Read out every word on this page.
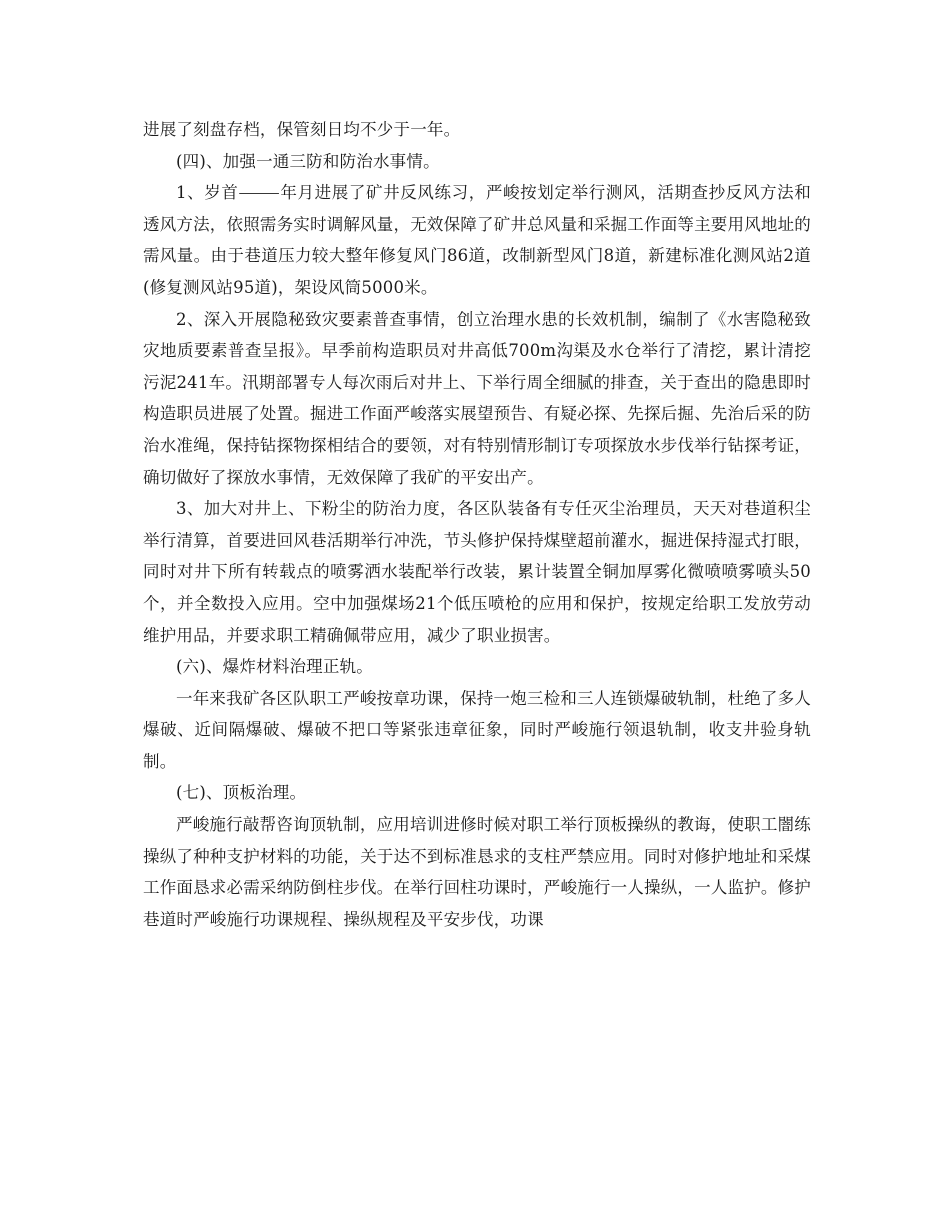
进展了刻盘存档，保管刻日均不少于一年。

(四)、加强一通三防和防治水事情。

1、岁首⸻年月进展了矿井反风练习，严峻按划定举行测风，活期查抄反风方法和透风方法，依照需务实时调解风量，无效保障了矿井总风量和采掘工作面等主要用风地址的需风量。由于巷道压力较大整年修复风门86道，改制新型风门8道，新建标准化测风站2道(修复测风站95道)，架设风筒5000米。

2、深入开展隐秘致灾要素普查事情，创立治理水患的长效机制，编制了《水害隐秘致灾地质要素普查呈报》。早季前构造职员对井高低700m沟渠及水仓举行了清挖，累计清挖污泥241车。汛期部署专人每次雨后对井上、下举行周全细腻的排查，关于查出的隐患即时构造职员进展了处置。掘进工作面严峻落实展望预告、有疑必探、先探后掘、先治后采的防治水准绳，保持钻探物探相结合的要领，对有特别情形制订专项探放水步伐举行钻探考证，确切做好了探放水事情，无效保障了我矿的平安出产。

3、加大对井上、下粉尘的防治力度，各区队装备有专任灭尘治理员，天天对巷道积尘举行清算，首要进回风巷活期举行冲洗，节头修护保持煤壁超前灌水，掘进保持湿式打眼，同时对井下所有转载点的喷雾洒水装配举行改装，累计装置全铜加厚雾化微喷喷雾喷头50个，并全数投入应用。空中加强煤场21个低压喷枪的应用和保护，按规定给职工发放劳动维护用品，并要求职工精确佩带应用，减少了职业损害。

(六)、爆炸材料治理正轨。

一年来我矿各区队职工严峻按章功课，保持一炮三检和三人连锁爆破轨制，杜绝了多人爆破、近间隔爆破、爆破不把口等紧张违章征象，同时严峻施行领退轨制，收支井验身轨制。

(七)、顶板治理。

严峻施行敲帮咨询顶轨制，应用培训进修时候对职工举行顶板操纵的教诲，使职工闇练操纵了种种支护材料的功能，关于达不到标准恳求的支柱严禁应用。同时对修护地址和采煤工作面恳求必需采纳防倒柱步伐。在举行回柱功课时，严峻施行一人操纵，一人监护。修护巷道时严峻施行功课规程、操纵规程及平安步伐，功课
